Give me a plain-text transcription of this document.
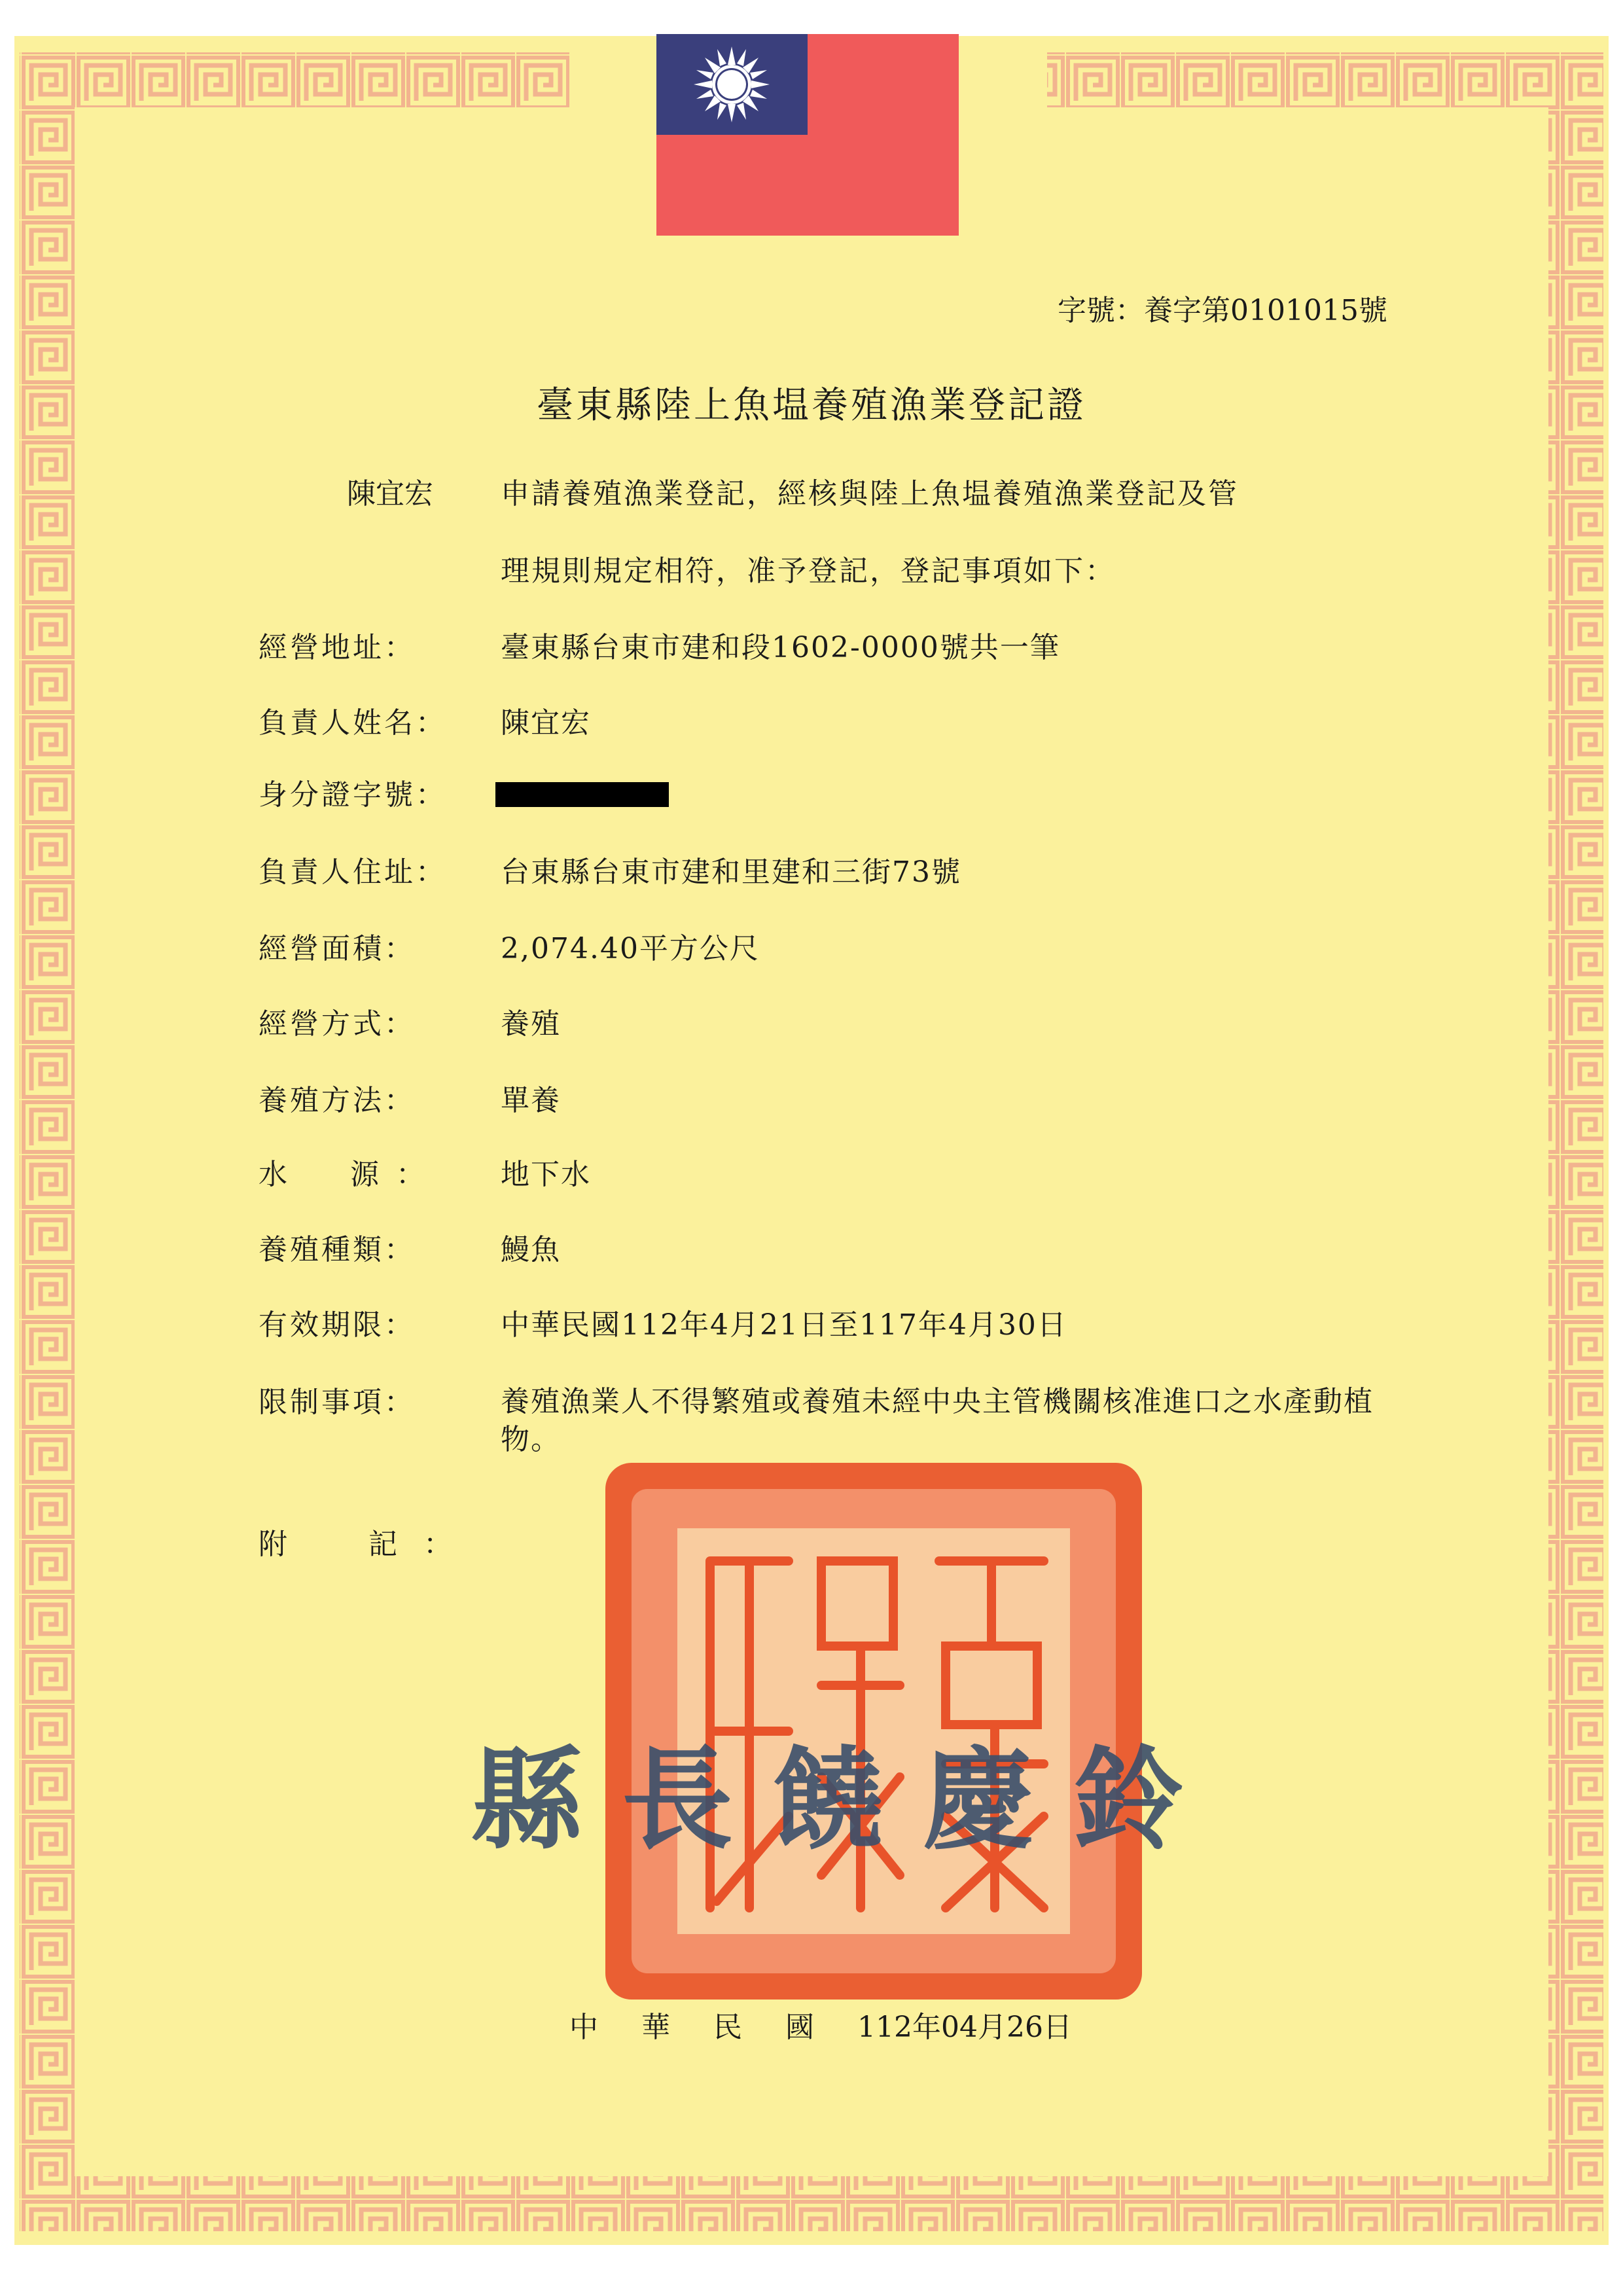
字號：養字第0101015號
臺東縣陸上魚塭養殖漁業登記證
陳宜宏	申請養殖漁業登記，經核與陸上魚塭養殖漁業登記及管
理規則規定相符，准予登記，登記事項如下：
經營地址：	臺東縣台東市建和段1602-0000號共一筆
負責人姓名： 陳宜宏
身分證字號：
負責人住址： 台東縣台東市建和里建和三街73號
經營面積：	2,074.40平方公尺
經營方式：	養殖
養殖方法：	單養
水　源： 地下水
養殖種類：	鰻魚
有效期限：	中華民國112年4月21日至117年4月30日
限制事項：	養殖漁業人不得繁殖或養殖未經中央主管機關核准進口之水產動植物。
附　記：
縣長饒慶鈴
中 華 民 國 112年04月26日
